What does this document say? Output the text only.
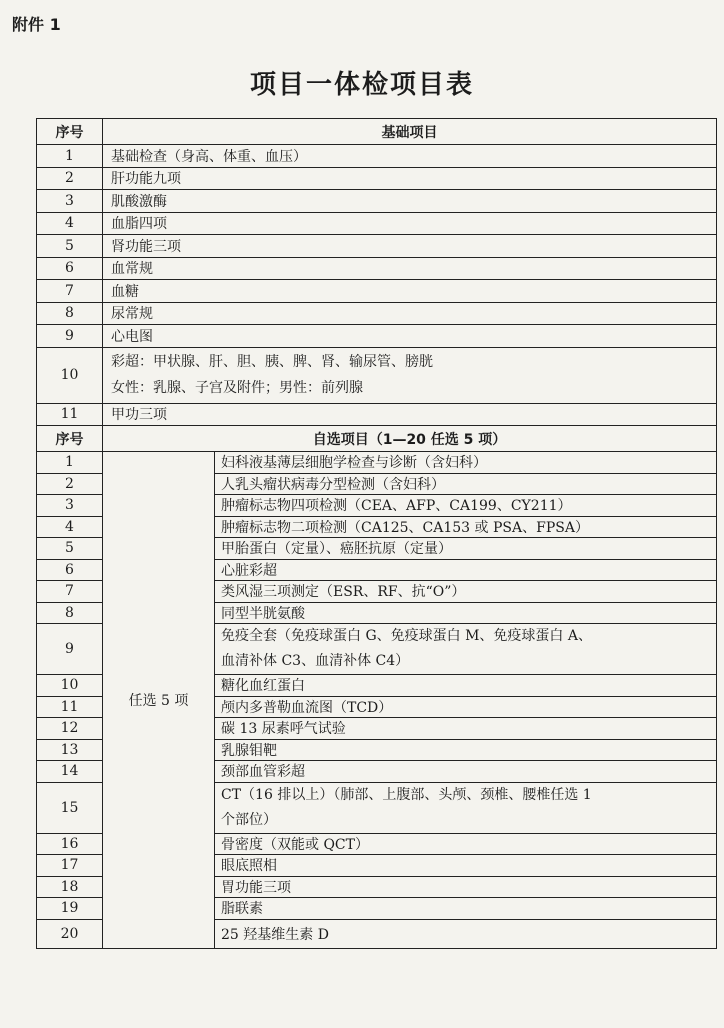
附件 1
项目一体检项目表
序号	基础项目	
1	基础检查（身高、体重、血压）	
2	肝功能九项	
3	肌酸激酶	
4	血脂四项	
5	肾功能三项	
6	血常规	
7	血糖	
8	尿常规	
9	心电图	
10	彩超：甲状腺、肝、胆、胰、脾、肾、输尿管、膀胱
女性：乳腺、子宫及附件；男性：前列腺	

11	甲功三项	
序号	自选项目（1—20 任选 5 项）	
1	任选 5 项	妇科液基薄层细胞学检查与诊断（含妇科）
2		人乳头瘤状病毒分型检测（含妇科）
3		肿瘤标志物四项检测（CEA、AFP、CA199、CY211）
4		肿瘤标志物二项检测（CA125、CA153 或 PSA、FPSA）
5		甲胎蛋白（定量）、癌胚抗原（定量）
6		心脏彩超
7		类风湿三项测定（ESR、RF、抗“O”）
8		同型半胱氨酸
9		免疫全套（免疫球蛋白 G、免疫球蛋白 M、免疫球蛋白 A、
血清补体 C3、血清补体 C4）

10		糖化血红蛋白
11		颅内多普勒血流图（TCD）
12		碳 13 尿素呼气试验
13		乳腺钼靶
14		颈部血管彩超
15		CT（16 排以上）（肺部、上腹部、头颅、颈椎、腰椎任选 1
个部位）

16		骨密度（双能或 QCT）
17		眼底照相
18		胃功能三项
19		脂联素
20		25 羟基维生素 D
